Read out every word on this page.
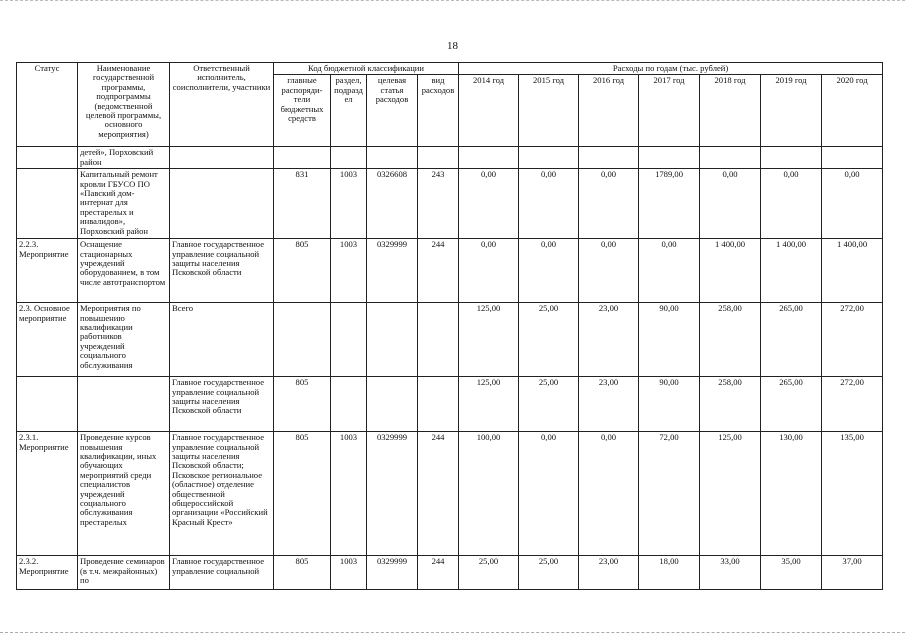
18
Статус	Наименование государственной программы, подпрограммы (ведомственной целевой программы, основного мероприятия)	Ответственный исполнитель, соисполнители, участники	Код бюджетной классификации				Расходы по годам (тыс. рублей)						
			главные распоряди-тели бюджетных средств	раздел, подраздел	целевая статья расходов	вид расходов	2014 год	2015 год	2016 год	2017 год	2018 год	2019 год	2020 год
	детей», Порховский район												
	Капитальный ремонт кровли ГБУСО ПО «Павский дом-интернат для престарелых и инвалидов», Порховский район		831	1003	0326608	243	0,00	0,00	0,00	1789,00	0,00	0,00	0,00
2.2.3. Мероприятие	Оснащение стационарных учреждений оборудованием, в том числе автотранспортом	Главное государственное управление социальной защиты населения Псковской области	805	1003	0329999	244	0,00	0,00	0,00	0,00	1 400,00	1 400,00	1 400,00
2.3. Основное мероприятие	Мероприятия по повышению квалификации работников учреждений социального обслуживания	Всего					125,00	25,00	23,00	90,00	258,00	265,00	272,00
		Главное государственное управление социальной защиты населения Псковской области	805				125,00	25,00	23,00	90,00	258,00	265,00	272,00
2.3.1. Мероприятие	Проведение курсов повышения квалификации, иных обучающих мероприятий среди специалистов учреждений социального обслуживания престарелых	Главное государственное управление социальной защиты населения Псковской области; Псковское региональное (областное) отделение общественной общероссийской организации «Российский Красный Крест»	805	1003	0329999	244	100,00	0,00	0,00	72,00	125,00	130,00	135,00
2.3.2. Мероприятие	Проведение семинаров (в т.ч. межрайонных) по	Главное государственное управление социальной	805	1003	0329999	244	25,00	25,00	23,00	18,00	33,00	35,00	37,00
